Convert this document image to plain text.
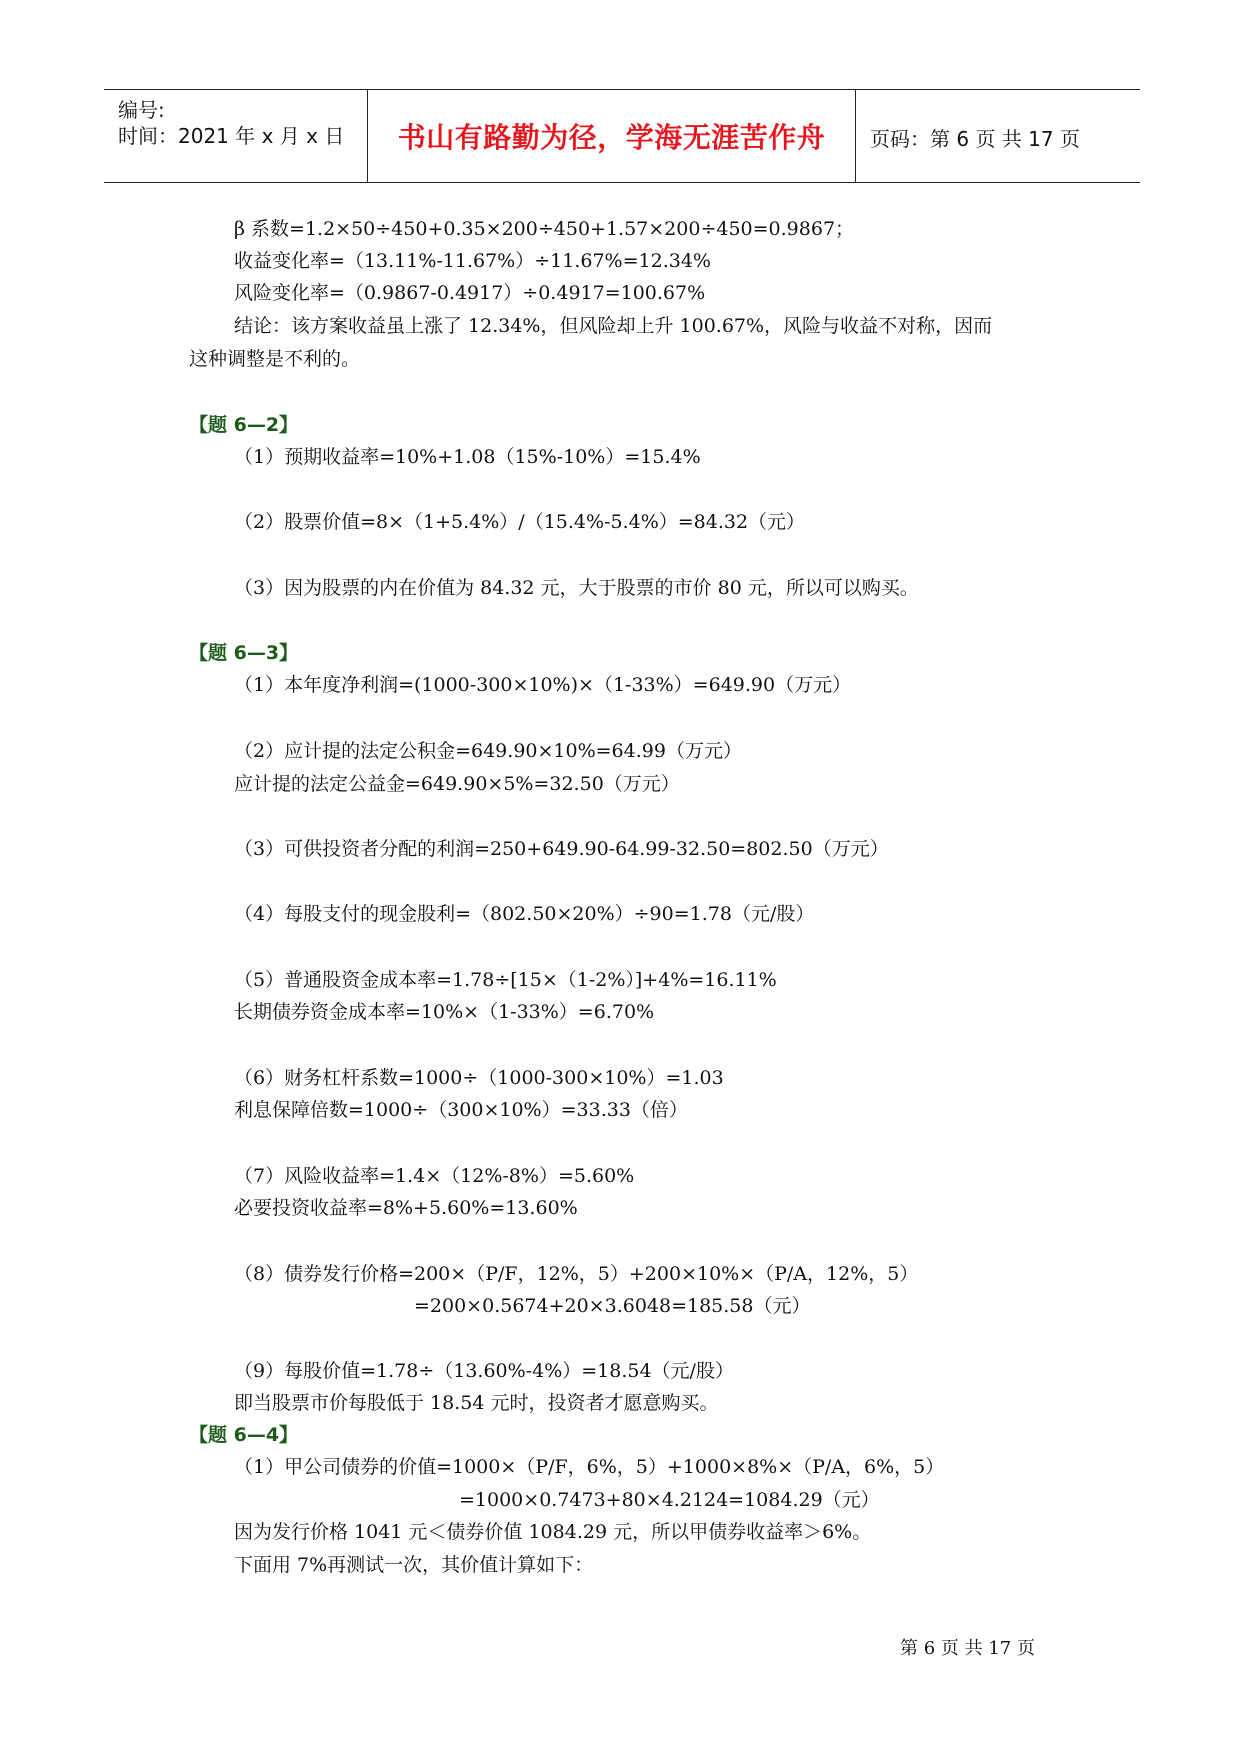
编号:
时间：2021 年 x 月 x 日	书山有路勤为径，学海无涯苦作舟	页码：第 6 页 共 17 页
β 系数=1.2×50÷450+0.35×200÷450+1.57×200÷450=0.9867；
收益变化率=（13.11%-11.67%）÷11.67%=12.34%
风险变化率=（0.9867-0.4917）÷0.4917=100.67%
结论：该方案收益虽上涨了 12.34%，但风险却上升 100.67%，风险与收益不对称，因而
这种调整是不利的。
【题 6—2】
（1）预期收益率=10%+1.08（15%-10%）=15.4%
（2）股票价值=8×（1+5.4%）/（15.4%-5.4%）=84.32（元）
（3）因为股票的内在价值为 84.32 元，大于股票的市价 80 元，所以可以购买。
【题 6—3】
（1）本年度净利润=(1000-300×10%)×（1-33%）=649.90（万元）
（2）应计提的法定公积金=649.90×10%=64.99（万元）
应计提的法定公益金=649.90×5%=32.50（万元）
（3）可供投资者分配的利润=250+649.90-64.99-32.50=802.50（万元）
（4）每股支付的现金股利=（802.50×20%）÷90=1.78（元/股）
（5）普通股资金成本率=1.78÷[15×（1-2%）]+4%=16.11%
长期债券资金成本率=10%×（1-33%）=6.70%
（6）财务杠杆系数=1000÷（1000-300×10%）=1.03
利息保障倍数=1000÷（300×10%）=33.33（倍）
（7）风险收益率=1.4×（12%-8%）=5.60%
必要投资收益率=8%+5.60%=13.60%
（8）债券发行价格=200×（P/F，12%，5）+200×10%×（P/A，12%，5）
=200×0.5674+20×3.6048=185.58（元）
（9）每股价值=1.78÷（13.60%-4%）=18.54（元/股）
即当股票市价每股低于 18.54 元时，投资者才愿意购买。
【题 6—4】
（1）甲公司债券的价值=1000×（P/F，6%，5）+1000×8%×（P/A，6%，5）
=1000×0.7473+80×4.2124=1084.29（元）
因为发行价格 1041 元＜债券价值 1084.29 元，所以甲债券收益率＞6%。
下面用 7%再测试一次，其价值计算如下：
第 6 页 共 17 页
